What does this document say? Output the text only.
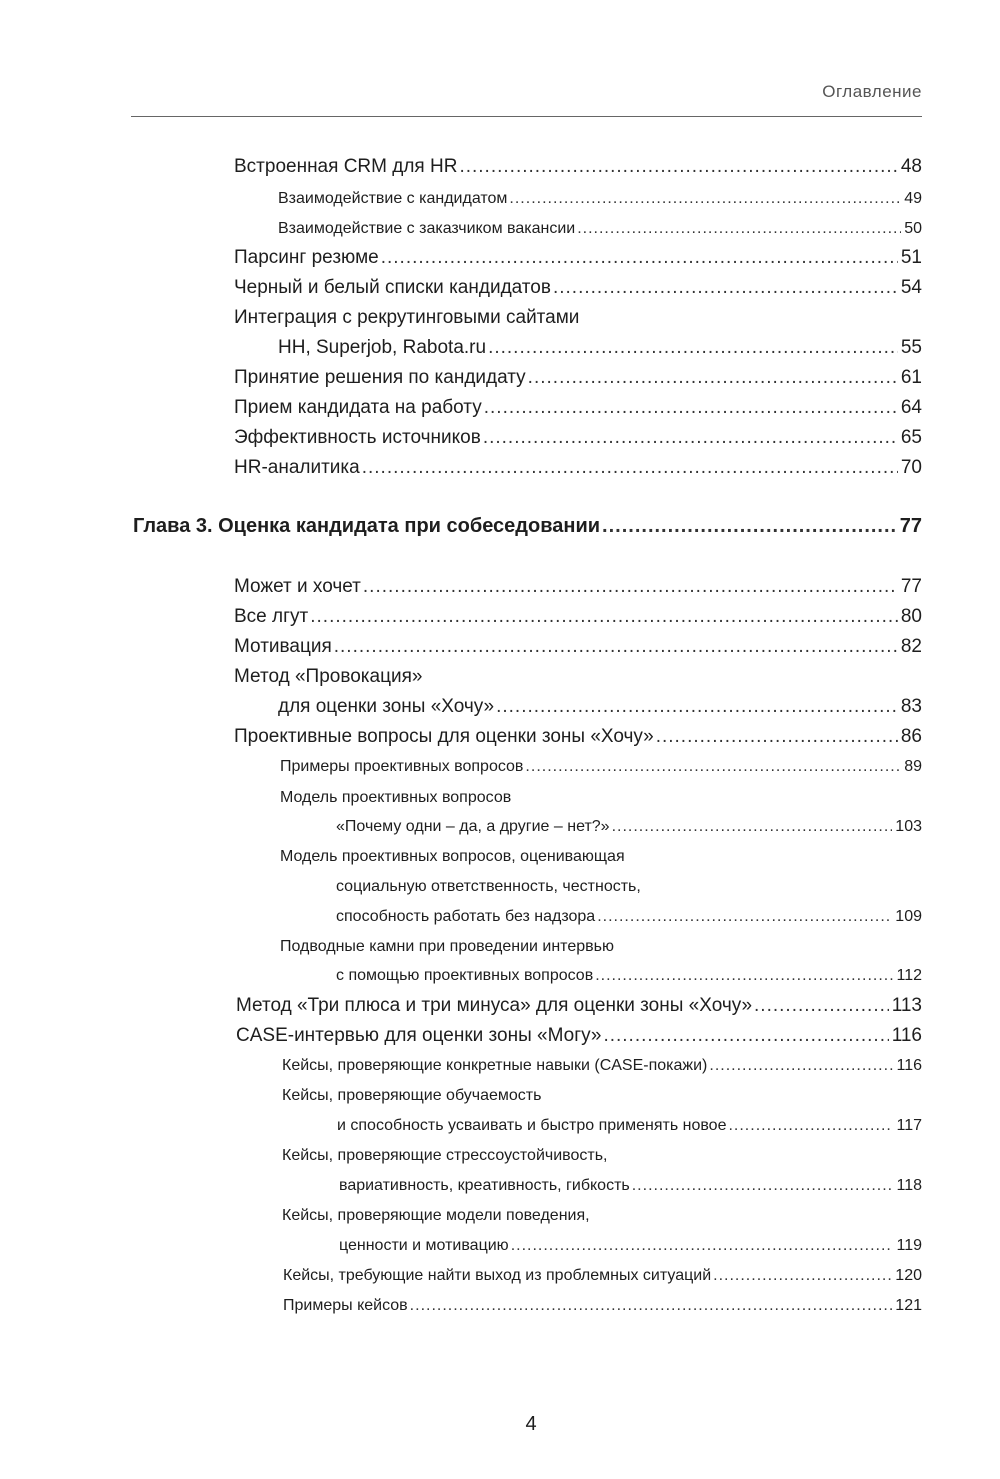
Оглавление
Встроенная CRM для HR .....	48
Взаимодействие с кандидатом .....	49
Взаимодействие с заказчиком вакансии .....	50
Парсинг резюме .....	51
Черный и белый списки кандидатов .....	54
Интеграция с рекрутинговыми сайтами
HH, Superjob, Rabota.ru .....	55
Принятие решения по кандидату .....	61
Прием кандидата на работу .....	64
Эффективность источников .....	65
HR-аналитика .....	70
Глава 3. Оценка кандидата при собеседовании .....	77
Может и хочет .....	77
Все лгут .....	80
Мотивация .....	82
Метод «Провокация»
для оценки зоны «Хочу» .....	83
Проективные вопросы для оценки зоны «Хочу» .....	86
Примеры проективных вопросов .....	89
Модель проективных вопросов
«Почему одни – да, а другие – нет?» .....	103
Модель проективных вопросов, оценивающая
социальную ответственность, честность,
способность работать без надзора .....	109
Подводные камни при проведении интервью
с помощью проективных вопросов .....	112
Метод «Три плюса и три минуса» для оценки зоны «Хочу» .....	113
CASE-интервью для оценки зоны «Могу» .....	116
Кейсы, проверяющие конкретные навыки (CASE-покажи) .....	116
Кейсы, проверяющие обучаемость
и способность усваивать и быстро применять новое .....	117
Кейсы, проверяющие стрессоустойчивость,
вариативность, креативность, гибкость .....	118
Кейсы, проверяющие модели поведения,
ценности и мотивацию .....	119
Кейсы, требующие найти выход из проблемных ситуаций .....	120
Примеры кейсов .....	121
4
